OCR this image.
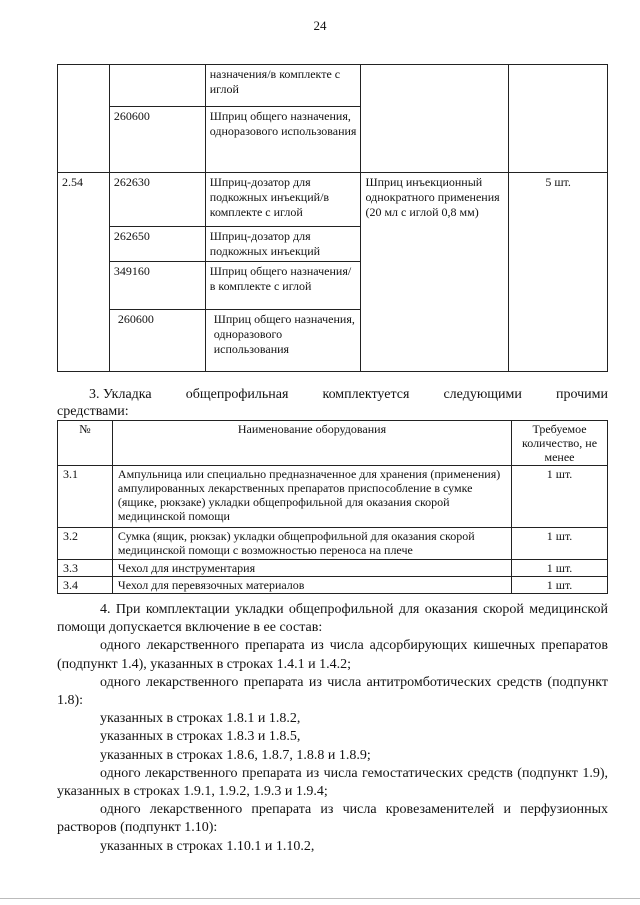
24
		назначения/в комплекте с иглой		
	260600	Шприц общего назначения, одноразового использования		
2.54	262630	Шприц-дозатор для подкожных инъекций/в комплекте с иглой	Шприц инъекционный однократного применения (20 мл с иглой 0,8 мм)	5 шт.
	262650	Шприц-дозатор для подкожных инъекций		
	349160	Шприц общего назначения/в комплекте с иглой		
	260600	Шприц общего назначения, одноразового использования		
3. Укладка общепрофильная комплектуется следующими прочими
средствами:
№	Наименование оборудования	Требуемое количество, не менее
3.1	Ампульница или специально предназначенное для хранения (применения) ампулированных лекарственных препаратов приспособление в сумке (ящике, рюкзаке) укладки общепрофильной для оказания скорой медицинской помощи	1 шт.
3.2	Сумка (ящик, рюкзак) укладки общепрофильной для оказания скорой медицинской помощи с возможностью переноса на плече	1 шт.
3.3	Чехол для инструментария	1 шт.
3.4	Чехол для перевязочных материалов	1 шт.

4. При комплектации укладки общепрофильной для оказания скорой медицинской помощи допускается включение в ее состав:

одного лекарственного препарата из числа адсорбирующих кишечных препаратов (подпункт 1.4), указанных в строках 1.4.1 и 1.4.2;

одного лекарственного препарата из числа антитромботических средств (подпункт 1.8):

указанных в строках 1.8.1 и 1.8.2,

указанных в строках 1.8.3 и 1.8.5,

указанных в строках 1.8.6, 1.8.7, 1.8.8 и 1.8.9;

одного лекарственного препарата из числа гемостатических средств (подпункт 1.9), указанных в строках 1.9.1, 1.9.2, 1.9.3 и 1.9.4;

одного лекарственного препарата из числа кровезаменителей и перфузионных растворов (подпункт 1.10):

указанных в строках 1.10.1 и 1.10.2,
